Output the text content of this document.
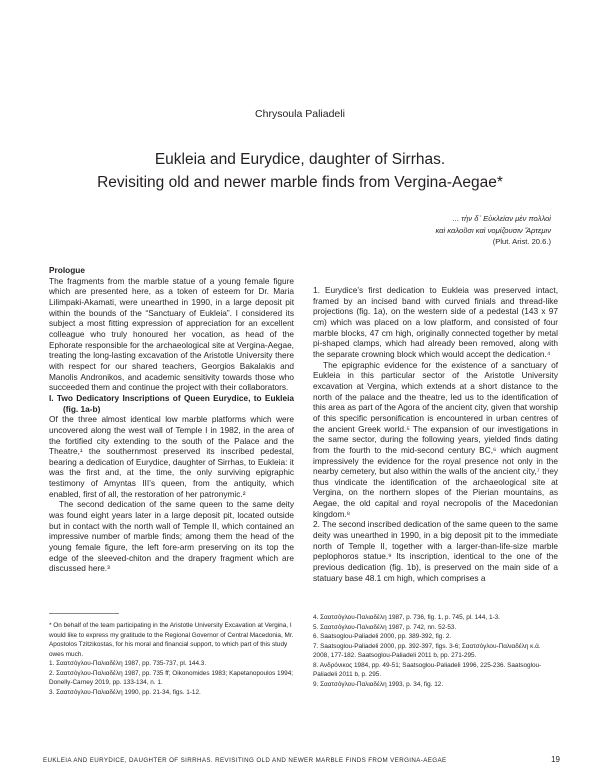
Chrysoula Paliadeli
Eukleia and Eurydice, daughter of Sirrhas.
Revisiting old and newer marble finds from Vergina-Aegae*
... τὴν δ᾽ Εὐκλείαν μὲν πολλοὶ
καὶ καλοῦσι καὶ νομίζουσιν Ἄρτεμιν
(Plut. Arist. 20.6.)

Prologue

The fragments from the marble statue of a young female figure which are presented here, as a token of esteem for Dr. Maria Lilimpaki-Akamati, were unearthed in 1990, in a large deposit pit within the bounds of the “Sanctuary of Eukleia”. I considered its subject a most fitting expression of appreciation for an excellent colleague who truly honoured her vocation, as head of the Ephorate responsible for the archaeological site at Vergina-Aegae, treating the long-lasting excavation of the Aristotle University there with respect for our shared teachers, Georgios Bakalakis and Manolis Andronikos, and academic sensitivity towards those who succeeded them and continue the project with their collaborators.

I. Two Dedicatory Inscriptions of Queen Eurydice, to Eukleia (fig. 1a-b)

Of the three almost identical low marble platforms which were uncovered along the west wall of Temple I in 1982, in the area of the fortified city extending to the south of the Palace and the Theatre,¹ the southernmost preserved its inscribed pedestal, bearing a dedication of Eurydice, daughter of Sirrhas, to Eukleia: it was the first and, at the time, the only surviving epigraphic testimony of Amyntas III’s queen, from the antiquity, which enabled, first of all, the restoration of her patronymic.²

The second dedication of the same queen to the same deity was found eight years later in a large deposit pit, located outside but in contact with the north wall of Temple II, which contained an impressive number of marble finds; among them the head of the young female figure, the left fore-arm preserving on its top the edge of the sleeved-chiton and the drapery fragment which are discussed here.³

1. Eurydice’s first dedication to Eukleia was preserved intact, framed by an incised band with curved finials and thread-like projections (fig. 1a), on the western side of a pedestal (143 x 97 cm) which was placed on a low platform, and consisted of four marble blocks, 47 cm high, originally connected together by metal pi-shaped clamps, which had already been removed, along with the separate crowning block which would accept the dedication.⁴

The epigraphic evidence for the existence of a sanctuary of Eukleia in this particular sector of the Aristotle University excavation at Vergina, which extends at a short distance to the north of the palace and the theatre, led us to the identification of this area as part of the Agora of the ancient city, given that worship of this specific personification is encountered in urban centres of the ancient Greek world.⁵ The expansion of our investigations in the same sector, during the following years, yielded finds dating from the fourth to the mid-second century BC,⁶ which augment impressively the evidence for the royal presence not only in the nearby cemetery, but also within the walls of the ancient city,⁷ they thus vindicate the identification of the archaeological site at Vergina, on the northern slopes of the Pierian mountains, as Aegae, the old capital and royal necropolis of the Macedonian kingdom.⁸

2. The second inscribed dedication of the same queen to the same deity was unearthed in 1990, in a big deposit pit to the immediate north of Temple II, together with a larger-than-life-size marble peplophoros statue.⁹ Its inscription, identical to the one of the previous dedication (fig. 1b), is preserved on the main side of a statuary base 48.1 cm high, which comprises a

* On behalf of the team participating in the Aristotle University Excavation at Vergina, I would like to express my gratitude to the Regional Governor of Central Macedonia, Mr. Apostolos Tzitzikostas, for his moral and financial support, to which part of this study owes much.

1. Σαατσόγλου-Παλιαδέλη 1987, pp. 735-737, pl. 144.3.

2. Σαατσόγλου-Παλιαδέλη 1987, pp. 735 ff; Oikonomides 1983; Kapetanopoulos 1994; Donelly-Carney 2019, pp. 133-134, n. 1.

3. Σαατσόγλου-Παλιαδέλη 1990, pp. 21-34, figs. 1-12.

4. Σαατσόγλου-Παλιαδέλη 1987, p. 736, fig. 1, p. 745, pl. 144, 1-3.

5. Σαατσόγλου-Παλιαδέλη 1987, p. 742, nn. 52-53.

6. Saatsoglou-Paliadeli 2000, pp. 389-392, fig. 2.

7. Saatsoglou-Paliadeli 2000, pp. 392-397, figs. 3-6; Σαατσόγλου-Παλιαδέλη κ.ά. 2008, 177-182. Saatsoglou-Paliadeli 2011 b, pp. 271-295.

8. Ανδρόνικος 1984, pp. 49-51; Saatsoglou-Paliadeli 1996, 225-236. Saatsoglou-Paliadeli 2011 b, p. 295.

9. Σαατσόγλου-Παλιαδέλη 1993, p. 34, fig. 12.

EUKLEIA AND EURYDICE, DAUGHTER OF SIRRHAS. REVISITING OLD AND NEWER MARBLE FINDS FROM VERGINA-AEGAE	19
